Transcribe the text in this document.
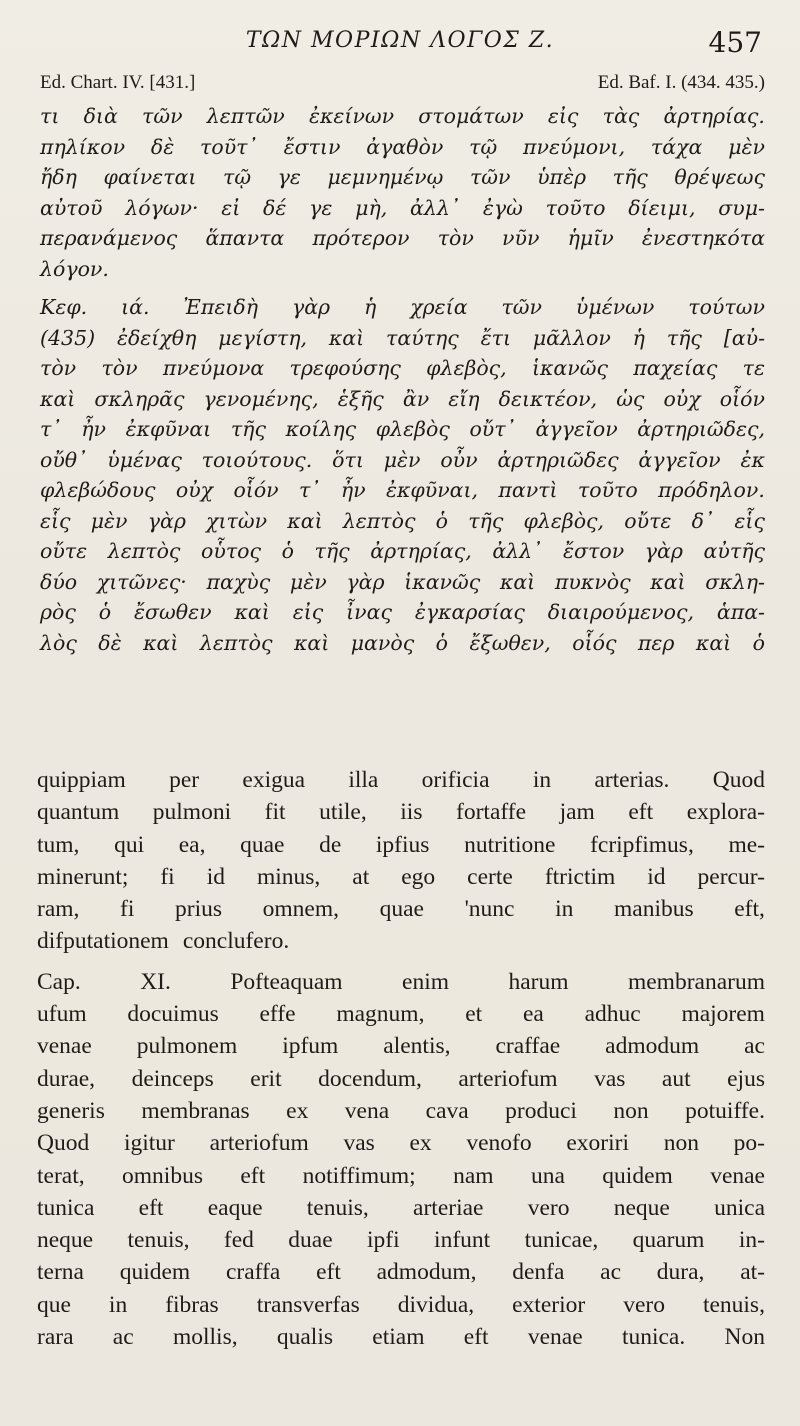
ΤΩΝ ΜΟΡΙΩΝ ΛΟΓΟΣ Ζ.	457
Ed. Chart. IV. [431.]	Ed. Baf. I. (434. 435.)
τι διὰ τῶν λεπτῶν ἐκείνων στομάτων εἰς τὰς ἀρτηρίας.
πηλίκον δὲ τοῦτ᾽ ἔστιν ἀγαθὸν τῷ πνεύμονι, τάχα μὲν
ἤδη φαίνεται τῷ γε μεμνημένῳ τῶν ὑπὲρ τῆς θρέψεως
αὐτοῦ λόγων· εἰ δέ γε μὴ, ἀλλ᾽ ἐγὼ τοῦτο δίειμι, συμ-
περανάμενος ἅπαντα πρότερον τὸν νῦν ἡμῖν ἐνεστηκότα
λόγον.
Κεφ. ιά. Ἐπειδὴ γὰρ ἡ χρεία τῶν ὑμένων τούτων
(435) ἐδείχθη μεγίστη, καὶ ταύτης ἔτι μᾶλλον ἡ τῆς [αὐ-
τὸν τὸν πνεύμονα τρεφούσης φλεβὸς, ἱκανῶς παχείας τε
καὶ σκληρᾶς γενομένης, ἑξῆς ἂν εἴη δεικτέον, ὡς οὐχ οἷόν
τ᾽ ἦν ἐκφῦναι τῆς κοίλης φλεβὸς οὔτ᾽ ἀγγεῖον ἀρτηριῶδες,
οὔθ᾽ ὑμένας τοιούτους. ὅτι μὲν οὖν ἀρτηριῶδες ἀγγεῖον ἐκ
φλεβώδους οὐχ οἷόν τ᾽ ἦν ἐκφῦναι, παντὶ τοῦτο πρόδηλον.
εἷς μὲν γὰρ χιτὼν καὶ λεπτὸς ὁ τῆς φλεβὸς, οὔτε δ᾽ εἷς
οὔτε λεπτὸς οὗτος ὁ τῆς ἀρτηρίας, ἀλλ᾽ ἔστον γὰρ αὐτῆς
δύο χιτῶνες· παχὺς μὲν γὰρ ἱκανῶς καὶ πυκνὸς καὶ σκλη-
ρὸς ὁ ἔσωθεν καὶ εἰς ἶνας ἐγκαρσίας διαιρούμενος, ἁπα-
λὸς δὲ καὶ λεπτὸς καὶ μανὸς ὁ ἔξωθεν, οἷός περ καὶ ὁ
quippiam per exigua illa orificia in arterias. Quod
quantum pulmoni fit utile, iis fortaffe jam eft explora-
tum, qui ea, quae de ipfius nutritione fcripfimus, me-
minerunt; fi id minus, at ego certe ftrictim id percur-
ram, fi prius omnem, quae 'nunc in manibus eft,
difputationem conclufero.
Cap.	XI.	Pofteaquam	enim	harum	membranarum
ufum docuimus effe magnum, et ea adhuc majorem
venae pulmonem ipfum alentis, craffae admodum ac
durae, deinceps erit docendum, arteriofum vas aut ejus
generis membranas ex vena cava produci non potuiffe.
Quod igitur arteriofum vas ex venofo exoriri non po-
terat, omnibus eft notiffimum; nam una quidem venae
tunica eft eaque tenuis, arteriae vero neque unica
neque tenuis, fed duae ipfi infunt tunicae, quarum in-
terna quidem craffa eft admodum, denfa ac dura, at-
que in fibras transverfas dividua, exterior vero tenuis,
rara ac mollis, qualis etiam eft venae tunica. Non
